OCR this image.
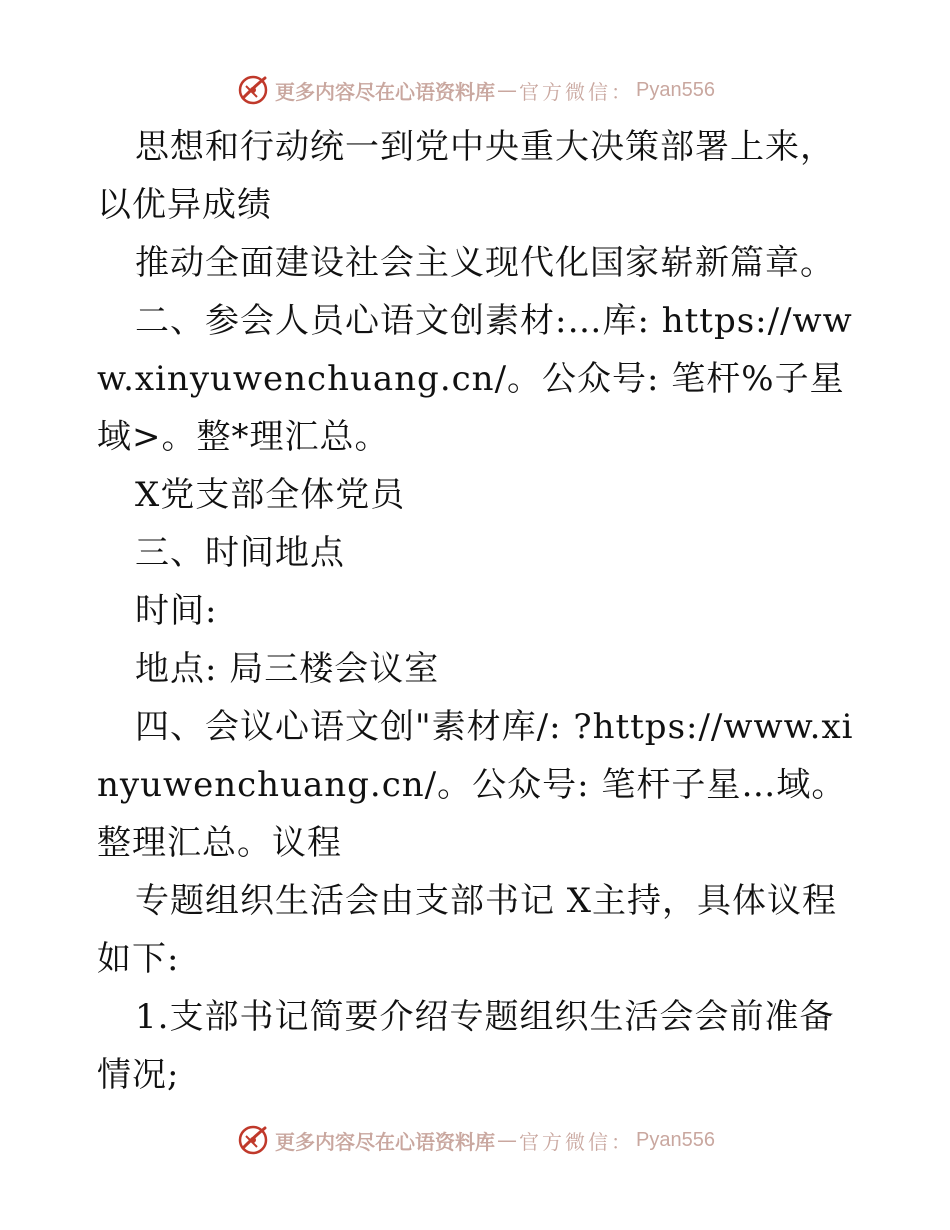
更多内容尽在心语资料库 — 官方微信： Pyan556

思想和行动统一到党中央重大决策部署上来，以优异成绩

推动全面建设社会主义现代化国家崭新篇章。

二、参会人员心语文创素材:…库: https://www.xinyuwenchuang.cn/。公众号: 笔杆%子星域>。整*理汇总。

X党支部全体党员

三、时间地点

时间:

地点: 局三楼会议室

四、会议心语文创"素材库/: ?https://www.xinyuwenchuang.cn/。公众号: 笔杆子星…域。整理汇总。议程

专题组织生活会由支部书记 X主持，具体议程如下:

1.支部书记简要介绍专题组织生活会会前准备情况;

更多内容尽在心语资料库 — 官方微信： Pyan556
